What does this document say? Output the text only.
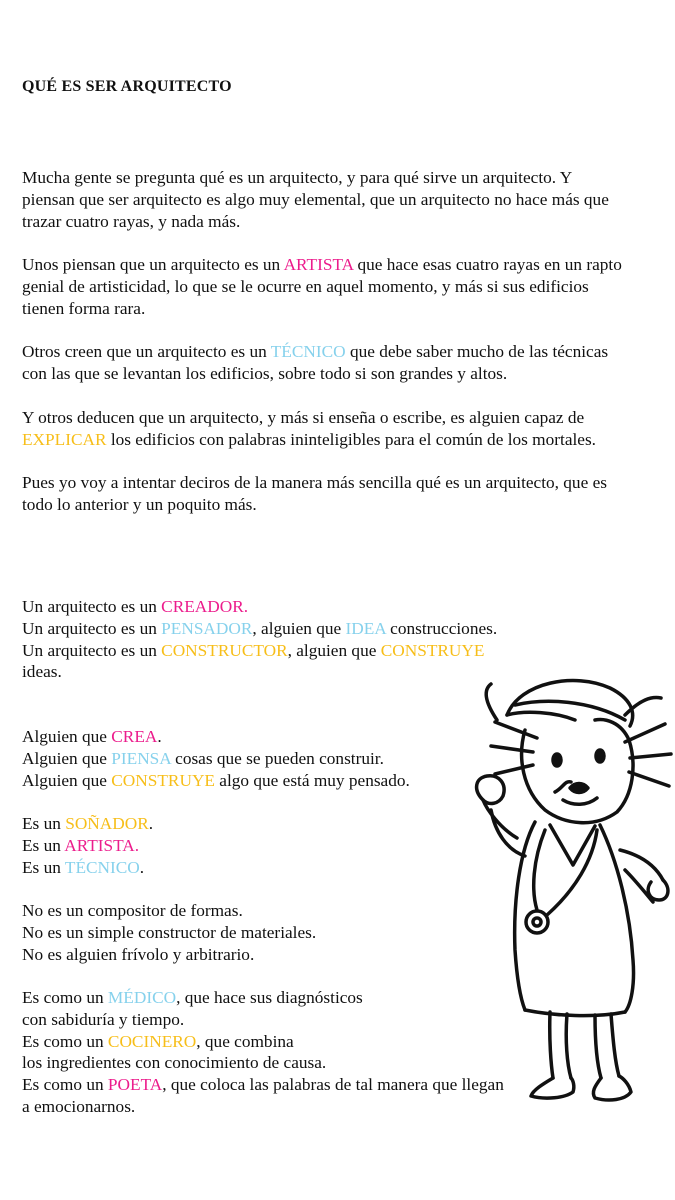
QUÉ ES SER ARQUITECTO

Mucha gente se pregunta qué es un arquitecto, y para qué sirve un arquitecto. Y piensan que ser arquitecto es algo muy elemental, que un arquitecto no hace más que trazar cuatro rayas, y nada más.

Unos piensan que un arquitecto es un ARTISTA que hace esas cuatro rayas en un rapto genial de artisticidad, lo que se le ocurre en aquel momento, y más si sus edificios tienen forma rara.

Otros creen que un arquitecto es un TÉCNICO que debe saber mucho de las técnicas con las que se levantan los edificios, sobre todo si son grandes y altos.

Y otros deducen que un arquitecto, y más si enseña o escribe, es alguien capaz de EXPLICAR los edificios con palabras ininteligibles para el común de los mortales.

Pues yo voy a intentar deciros de la manera más sencilla qué es un arquitecto, que es todo lo anterior y un poquito más.

Un arquitecto es un CREADOR.

Un arquitecto es un PENSADOR, alguien que IDEA construcciones.

Un arquitecto es un CONSTRUCTOR, alguien que CONSTRUYE

ideas.

Alguien que CREA.

Alguien que PIENSA cosas que se pueden construir.

Alguien que CONSTRUYE algo que está muy pensado.

Es un SOÑADOR.

Es un ARTISTA.

Es un TÉCNICO.

No es un compositor de formas.

No es un simple constructor de materiales.

No es alguien frívolo y arbitrario.

Es como un MÉDICO, que hace sus diagnósticos

con sabiduría y tiempo.

Es como un COCINERO, que combina

los ingredientes con conocimiento de causa.

Es como un POETA, que coloca las palabras de tal manera que llegan

a emocionarnos.
